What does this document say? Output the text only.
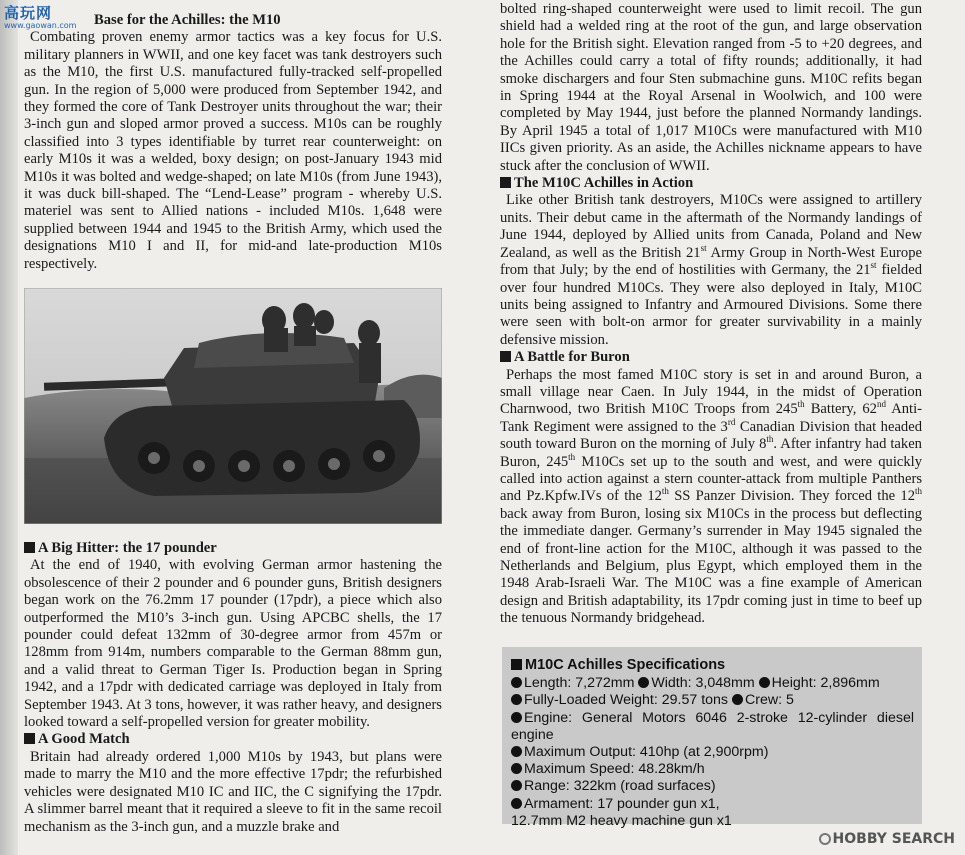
高玩网
www.gaowan.com	Base for the Achilles: the M10

Combating proven enemy armor tactics was a key focus for U.S. military planners in WWII, and one key facet was tank destroyers such as the M10, the first U.S. manufactured fully-tracked self-propelled gun. In the region of 5,000 were produced from September 1942, and they formed the core of Tank Destroyer units throughout the war; their 3-inch gun and sloped armor proved a success. M10s can be roughly classified into 3 types identifiable by turret rear counterweight: on early M10s it was a welded, boxy design; on post-January 1943 mid M10s it was bolted and wedge-shaped; on late M10s (from June 1943), it was duck bill-shaped. The “Lend-Lease” program - whereby U.S. materiel was sent to Allied nations - included M10s. 1,648 were supplied between 1944 and 1945 to the British Army, which used the designations M10 I and II, for mid-and late-production M10s respectively.

A Big Hitter: the 17 pounder

At the end of 1940, with evolving German armor hastening the obsolescence of their 2 pounder and 6 pounder guns, British designers began work on the 76.2mm 17 pounder (17pdr), a piece which also outperformed the M10’s 3-inch gun. Using APCBC shells, the 17 pounder could defeat 132mm of 30-degree armor from 457m or 128mm from 914m, numbers comparable to the German 88mm gun, and a valid threat to German Tiger Is. Production began in Spring 1942, and a 17pdr with dedicated carriage was deployed in Italy from September 1943. At 3 tons, however, it was rather heavy, and designers looked toward a self-propelled version for greater mobility.

A Good Match

Britain had already ordered 1,000 M10s by 1943, but plans were made to marry the M10 and the more effective 17pdr; the refurbished vehicles were designated M10 IC and IIC, the C signifying the 17pdr. A slimmer barrel meant that it required a sleeve to fit in the same recoil mechanism as the 3-inch gun, and a muzzle brake and

bolted ring-shaped counterweight were used to limit recoil. The gun shield had a welded ring at the root of the gun, and large observation hole for the British sight. Elevation ranged from -5 to +20 degrees, and the Achilles could carry a total of fifty rounds; additionally, it had smoke dischargers and four Sten submachine guns. M10C refits began in Spring 1944 at the Royal Arsenal in Woolwich, and 100 were completed by May 1944, just before the planned Normandy landings. By April 1945 a total of 1,017 M10Cs were manufactured with M10 IICs given priority. As an aside, the Achilles nickname appears to have stuck after the conclusion of WWII.

The M10C Achilles in Action

Like other British tank destroyers, M10Cs were assigned to artillery units. Their debut came in the aftermath of the Normandy landings of June 1944, deployed by Allied units from Canada, Poland and New Zealand, as well as the British 21st Army Group in North-West Europe from that July; by the end of hostilities with Germany, the 21st fielded over four hundred M10Cs. They were also deployed in Italy, M10C units being assigned to Infantry and Armoured Divisions. Some there were seen with bolt-on armor for greater survivability in a mainly defensive mission.

A Battle for Buron

Perhaps the most famed M10C story is set in and around Buron, a small village near Caen. In July 1944, in the midst of Operation Charnwood, two British M10C Troops from 245th Battery, 62nd Anti-Tank Regiment were assigned to the 3rd Canadian Division that headed south toward Buron on the morning of July 8th. After infantry had taken Buron, 245th M10Cs set up to the south and west, and were quickly called into action against a stern counter-attack from multiple Panthers and Pz.Kpfw.IVs of the 12th SS Panzer Division. They forced the 12th back away from Buron, losing six M10Cs in the process but deflecting the immediate danger. Germany’s surrender in May 1945 signaled the end of front-line action for the M10C, although it was passed to the Netherlands and Belgium, plus Egypt, which employed them in the 1948 Arab-Israeli War. The M10C was a fine example of American design and British adaptability, its 17pdr coming just in time to beef up the tenuous Normandy bridgehead.

M10C Achilles Specifications

Length: 7,272mm Width: 3,048mm Height: 2,896mm

Fully-Loaded Weight: 29.57 tons Crew: 5

Engine: General Motors 6046 2-stroke 12-cylinder diesel engine

Maximum Output: 410hp (at 2,900rpm)

Maximum Speed: 48.28km/h

Range: 322km (road surfaces)

Armament: 17 pounder gun x1,

12.7mm M2 heavy machine gun x1

HOBBY SEARCH
